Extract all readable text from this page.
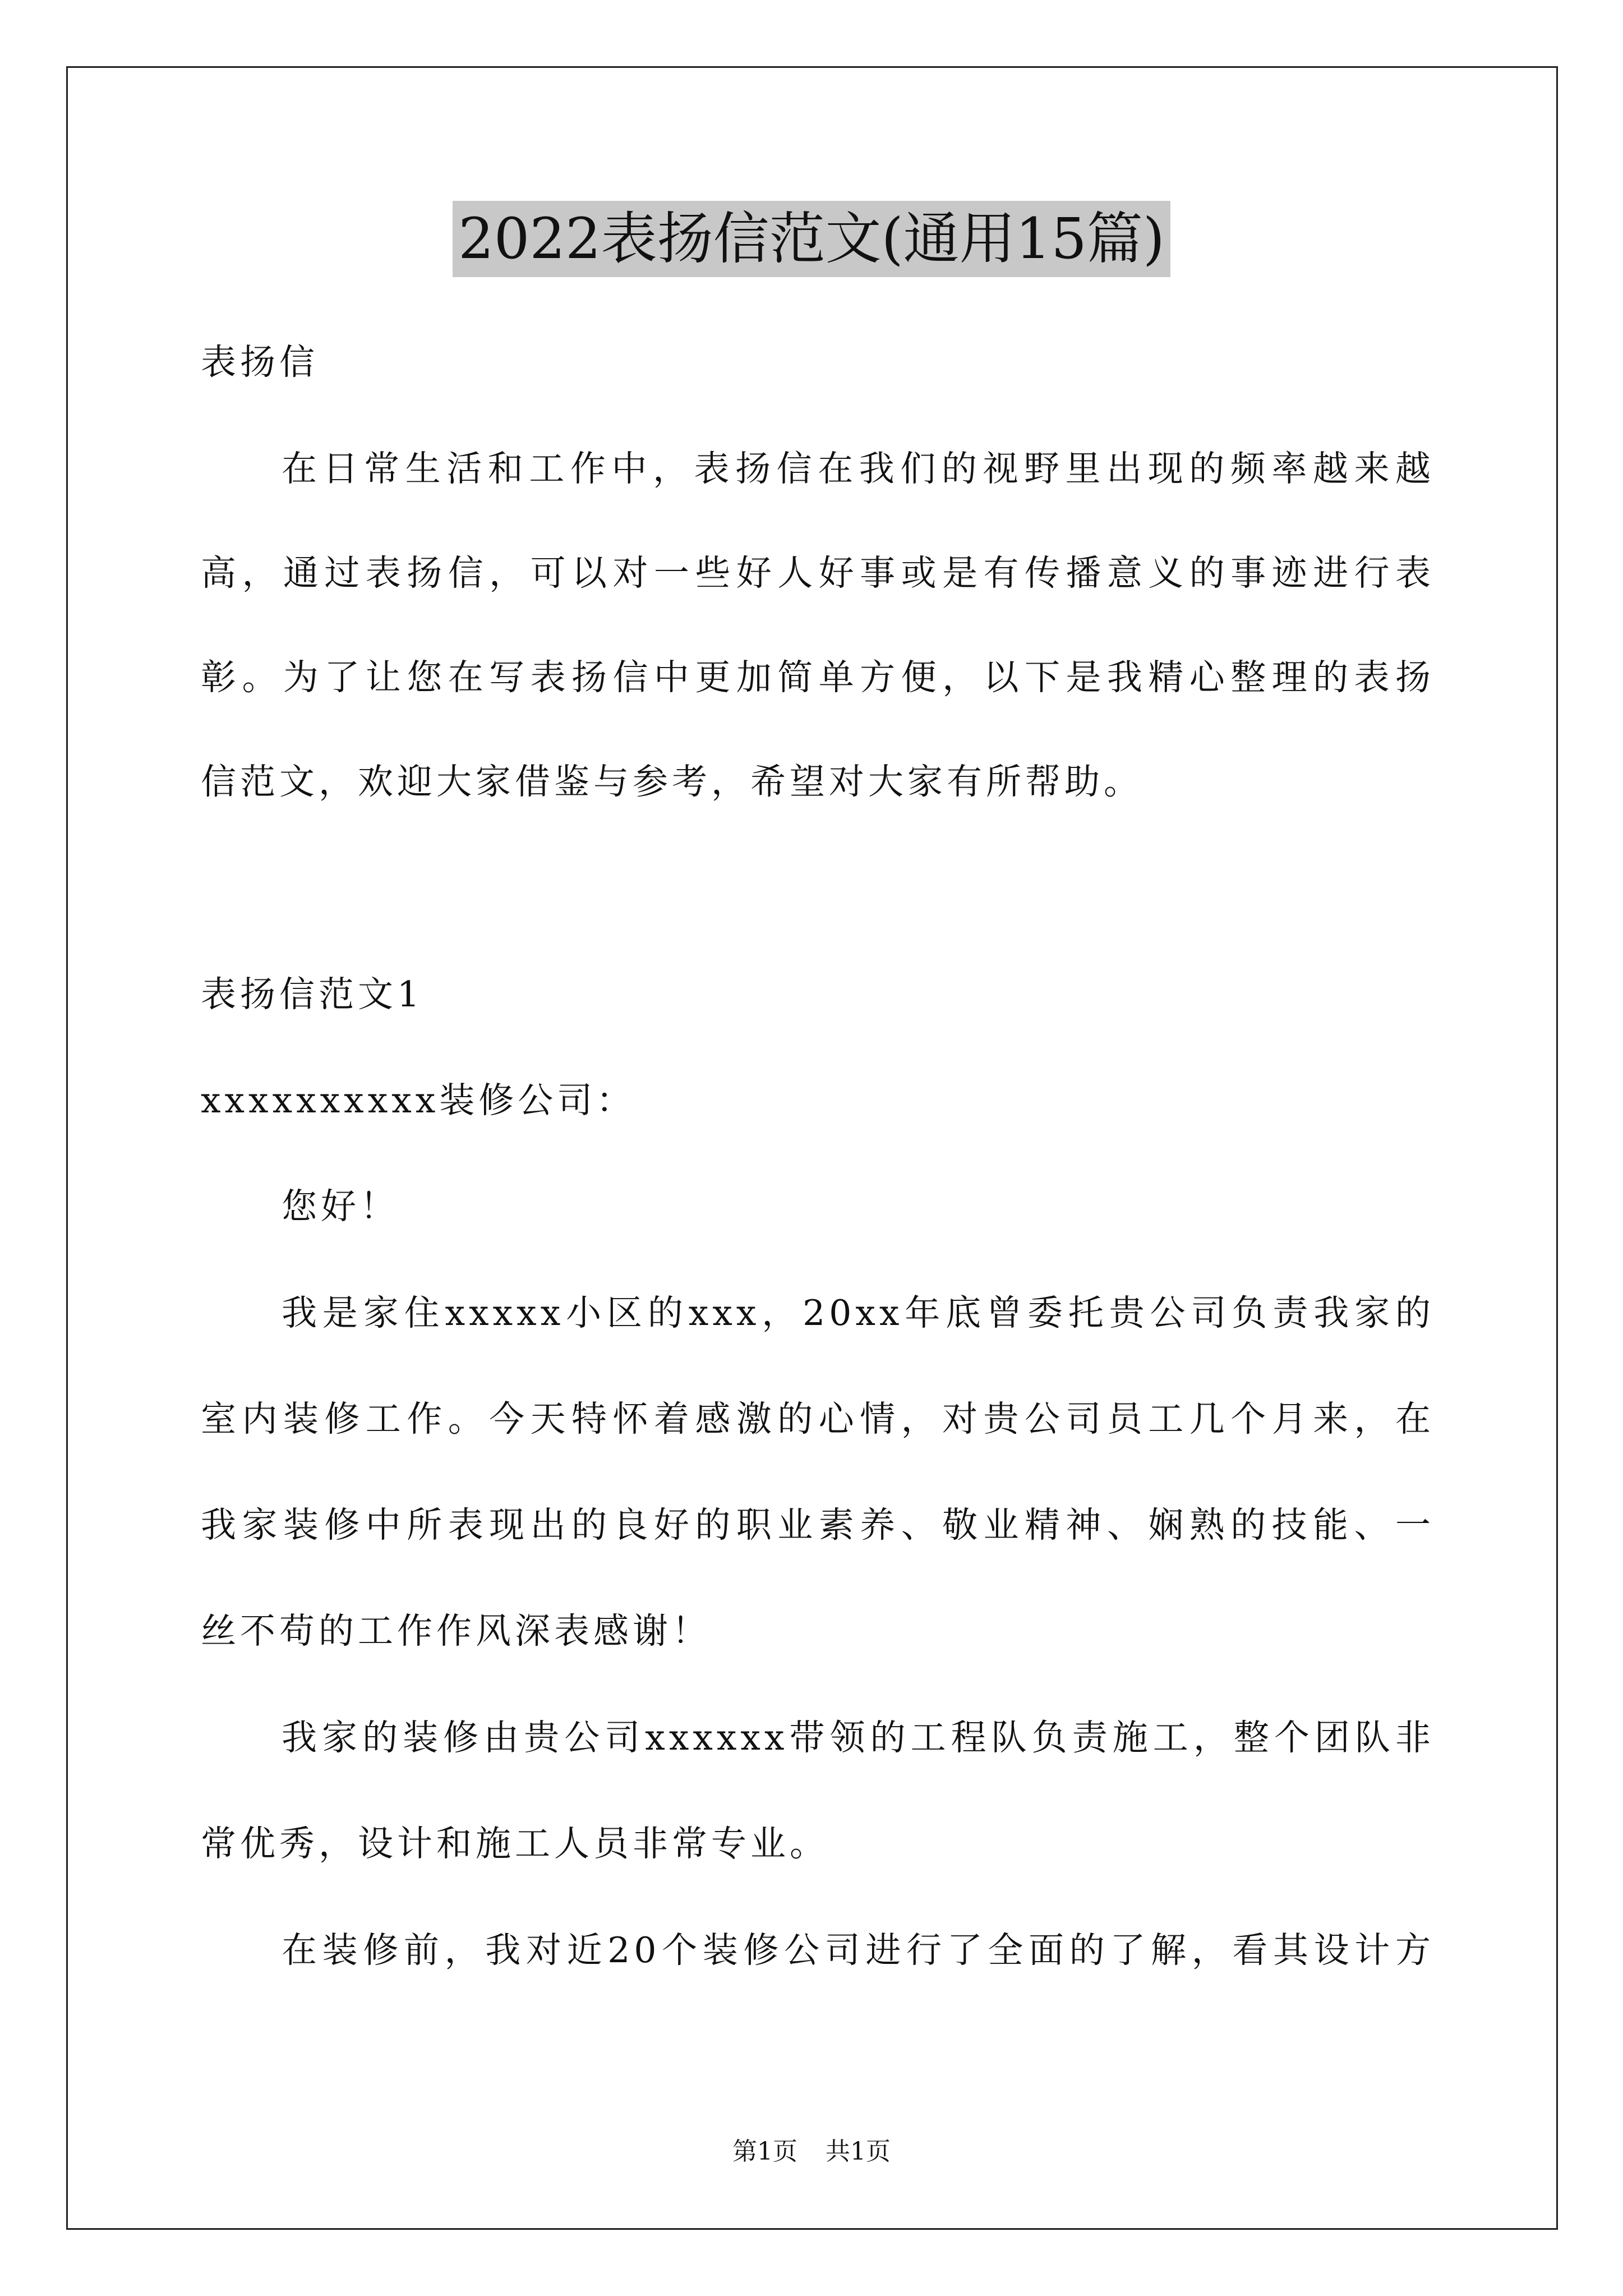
2022表扬信范文(通用15篇)
表扬信
在日常生活和工作中，表扬信在我们的视野里出现的频率越来越
高，通过表扬信，可以对一些好人好事或是有传播意义的事迹进行表
彰。为了让您在写表扬信中更加简单方便，以下是我精心整理的表扬
信范文，欢迎大家借鉴与参考，希望对大家有所帮助。
表扬信范文1
xxxxxxxxxx装修公司：
您好！
我是家住xxxxx小区的xxx，20xx年底曾委托贵公司负责我家的
室内装修工作。今天特怀着感激的心情，对贵公司员工几个月来，在
我家装修中所表现出的良好的职业素养、敬业精神、娴熟的技能、一
丝不苟的工作作风深表感谢！
我家的装修由贵公司xxxxxx带领的工程队负责施工，整个团队非
常优秀，设计和施工人员非常专业。
在装修前，我对近20个装修公司进行了全面的了解，看其设计方
第1页 共1页
